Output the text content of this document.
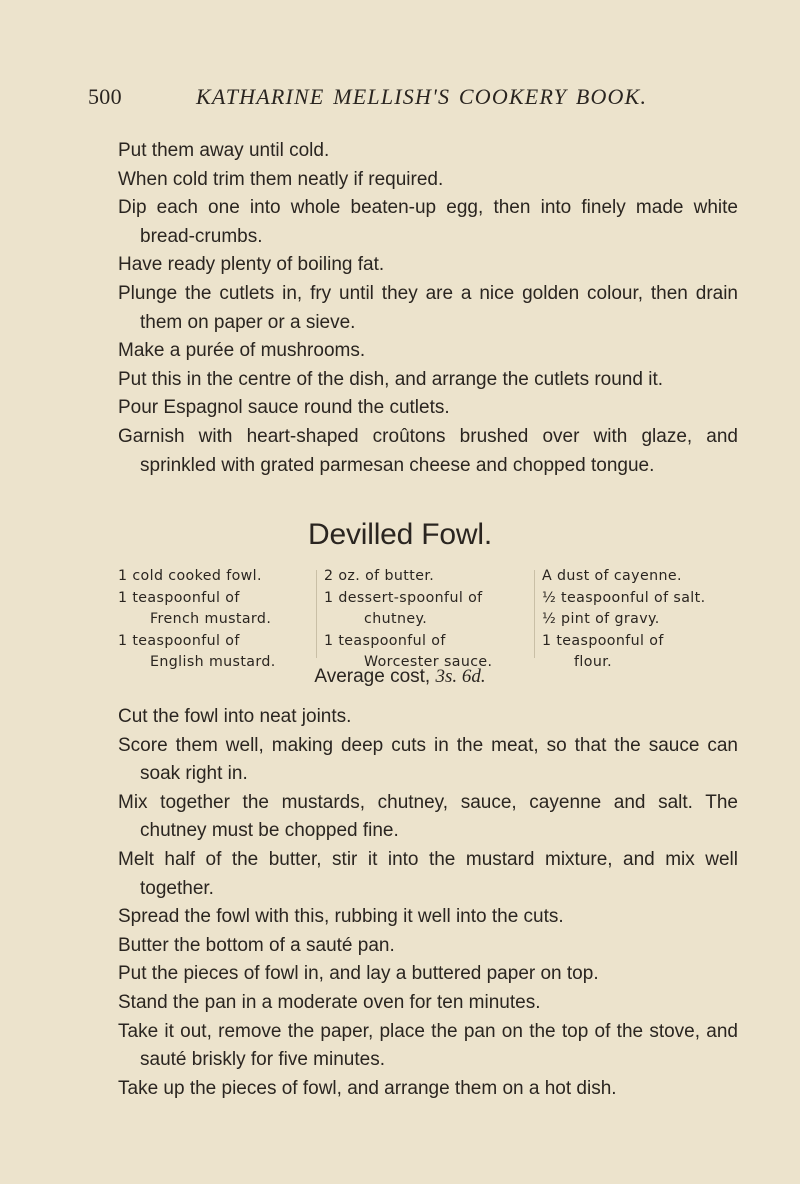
500	KATHARINE MELLISH'S COOKERY BOOK.

Put them away until cold.

When cold trim them neatly if required.

Dip each one into whole beaten-up egg, then into finely made white bread-crumbs.

Have ready plenty of boiling fat.

Plunge the cutlets in, fry until they are a nice golden colour, then drain them on paper or a sieve.

Make a purée of mushrooms.

Put this in the centre of the dish, and arrange the cutlets round it.

Pour Espagnol sauce round the cutlets.

Garnish with heart-shaped croûtons brushed over with glaze, and sprinkled with grated parmesan cheese and chopped tongue.

Devilled Fowl.

1 cold cooked fowl.

1 teaspoonful of
French mustard.

1 teaspoonful of
English mustard.

2 oz. of butter.

1 dessert-spoonful of
chutney.

1 teaspoonful of
Worcester sauce.

A dust of cayenne.

½ teaspoonful of salt.

½ pint of gravy.

1 teaspoonful of
flour.

Average cost, 3s. 6d.

Cut the fowl into neat joints.

Score them well, making deep cuts in the meat, so that the sauce can soak right in.

Mix together the mustards, chutney, sauce, cayenne and salt. The chutney must be chopped fine.

Melt half of the butter, stir it into the mustard mixture, and mix well together.

Spread the fowl with this, rubbing it well into the cuts.

Butter the bottom of a sauté pan.

Put the pieces of fowl in, and lay a buttered paper on top.

Stand the pan in a moderate oven for ten minutes.

Take it out, remove the paper, place the pan on the top of the stove, and sauté briskly for five minutes.

Take up the pieces of fowl, and arrange them on a hot dish.
